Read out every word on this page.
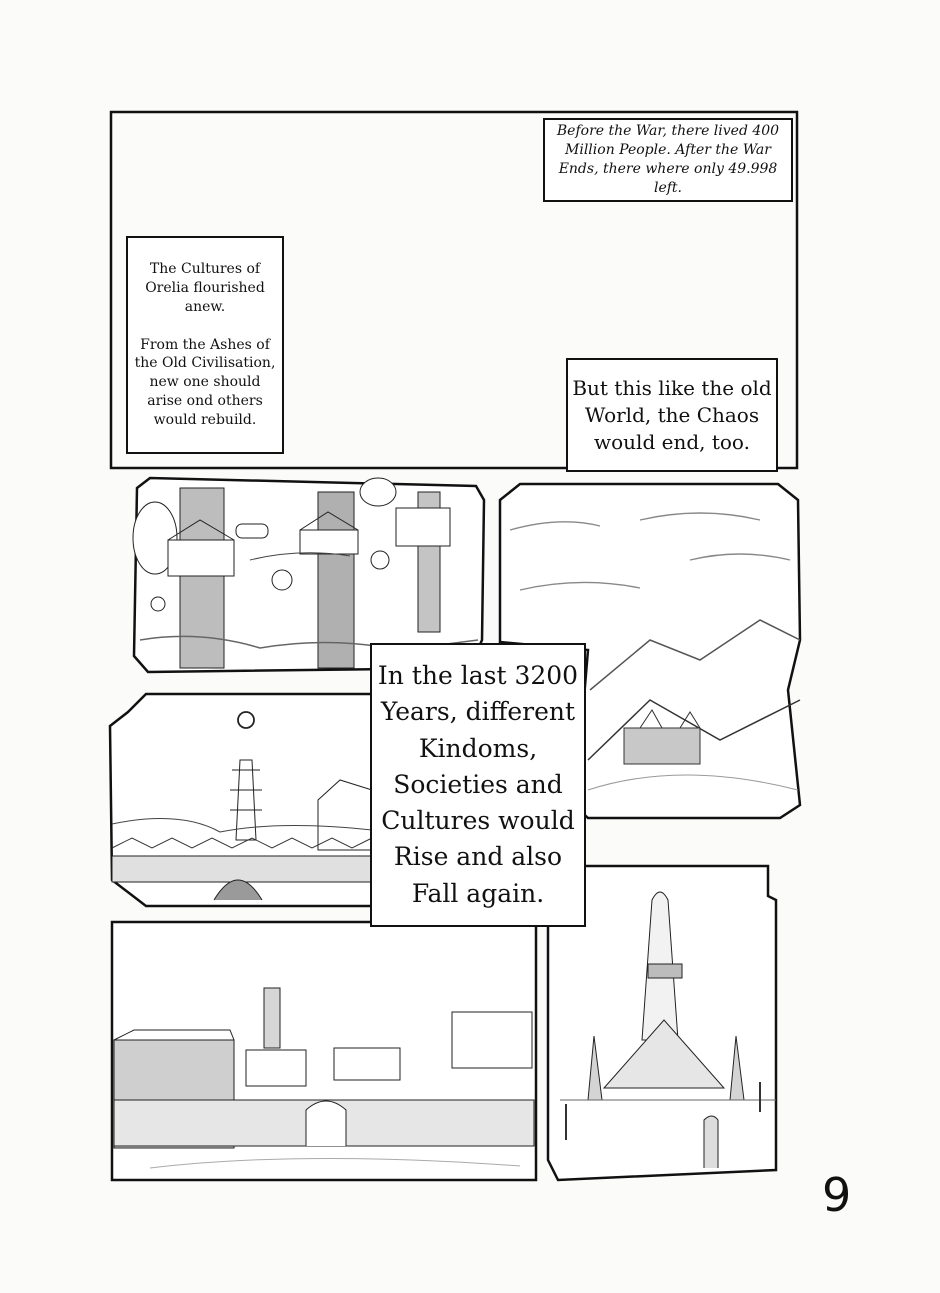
Before the War, there lived 400
Million People. After the War
Ends, there where only 49.998 left.
The Cultures of
Orelia flourished
anew.

From the Ashes of
the Old Civilisation,
new one should
arise ond others
would rebuild.
But this like the old
World, the Chaos
would end, too.
In the last 3200
Years, different
Kindoms,
Societies and
Cultures would
Rise and also
Fall again.
9
